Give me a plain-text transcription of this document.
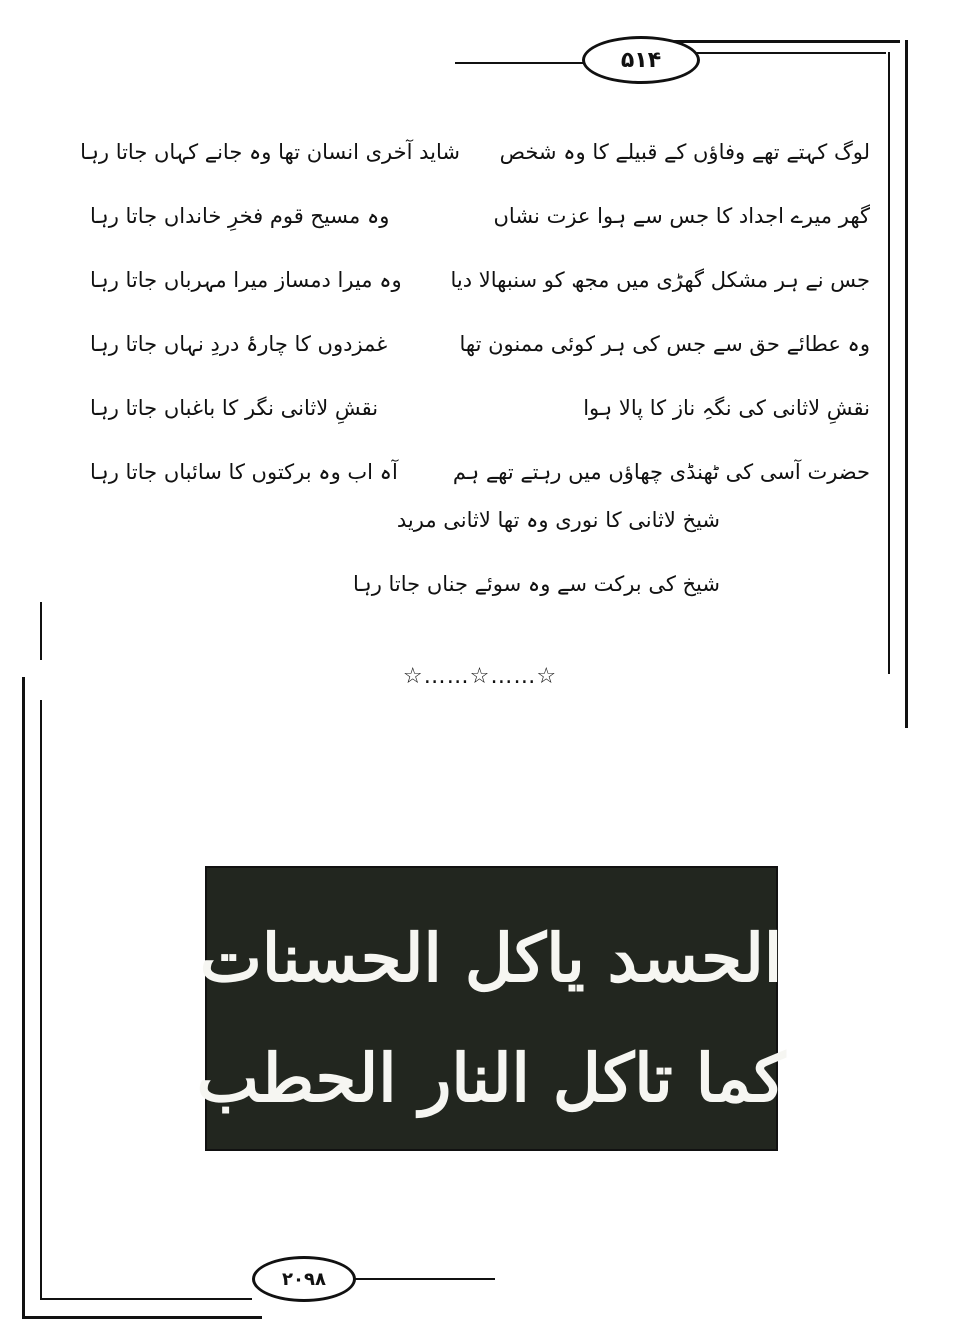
۵۱۴
۲۰۹۸
لوگ کہتے تھے وفاؤں کے قبیلے کا وہ شخص
شاید آخری انسان تھا وہ جانے کہاں جاتا رہا
گھر میرے اجداد کا جس سے ہوا عزت نشاں
وہ مسیح قوم فخرِ خانداں جاتا رہا
جس نے ہر مشکل گھڑی میں مجھ کو سنبھالا دیا
وہ میرا دمساز میرا مہرباں جاتا رہا
وہ عطائے حق سے جس کی ہر کوئی ممنون تھا
غمزدوں کا چارۂ دردِ نہاں جاتا رہا
نقشِ لاثانی کی نگہِ ناز کا پالا ہوا
نقشِ لاثانی نگر کا باغباں جاتا رہا
حضرت آسی کی ٹھنڈی چھاؤں میں رہتے تھے ہم
آہ اب وہ برکتوں کا سائباں جاتا رہا
شیخ لاثانی کا نوری وہ تھا لاثانی مرید
شیخ کی برکت سے وہ سوئے جناں جاتا رہا
☆……☆……☆
الحسد یاکل الحسنات
کما تاکل النار الحطب
